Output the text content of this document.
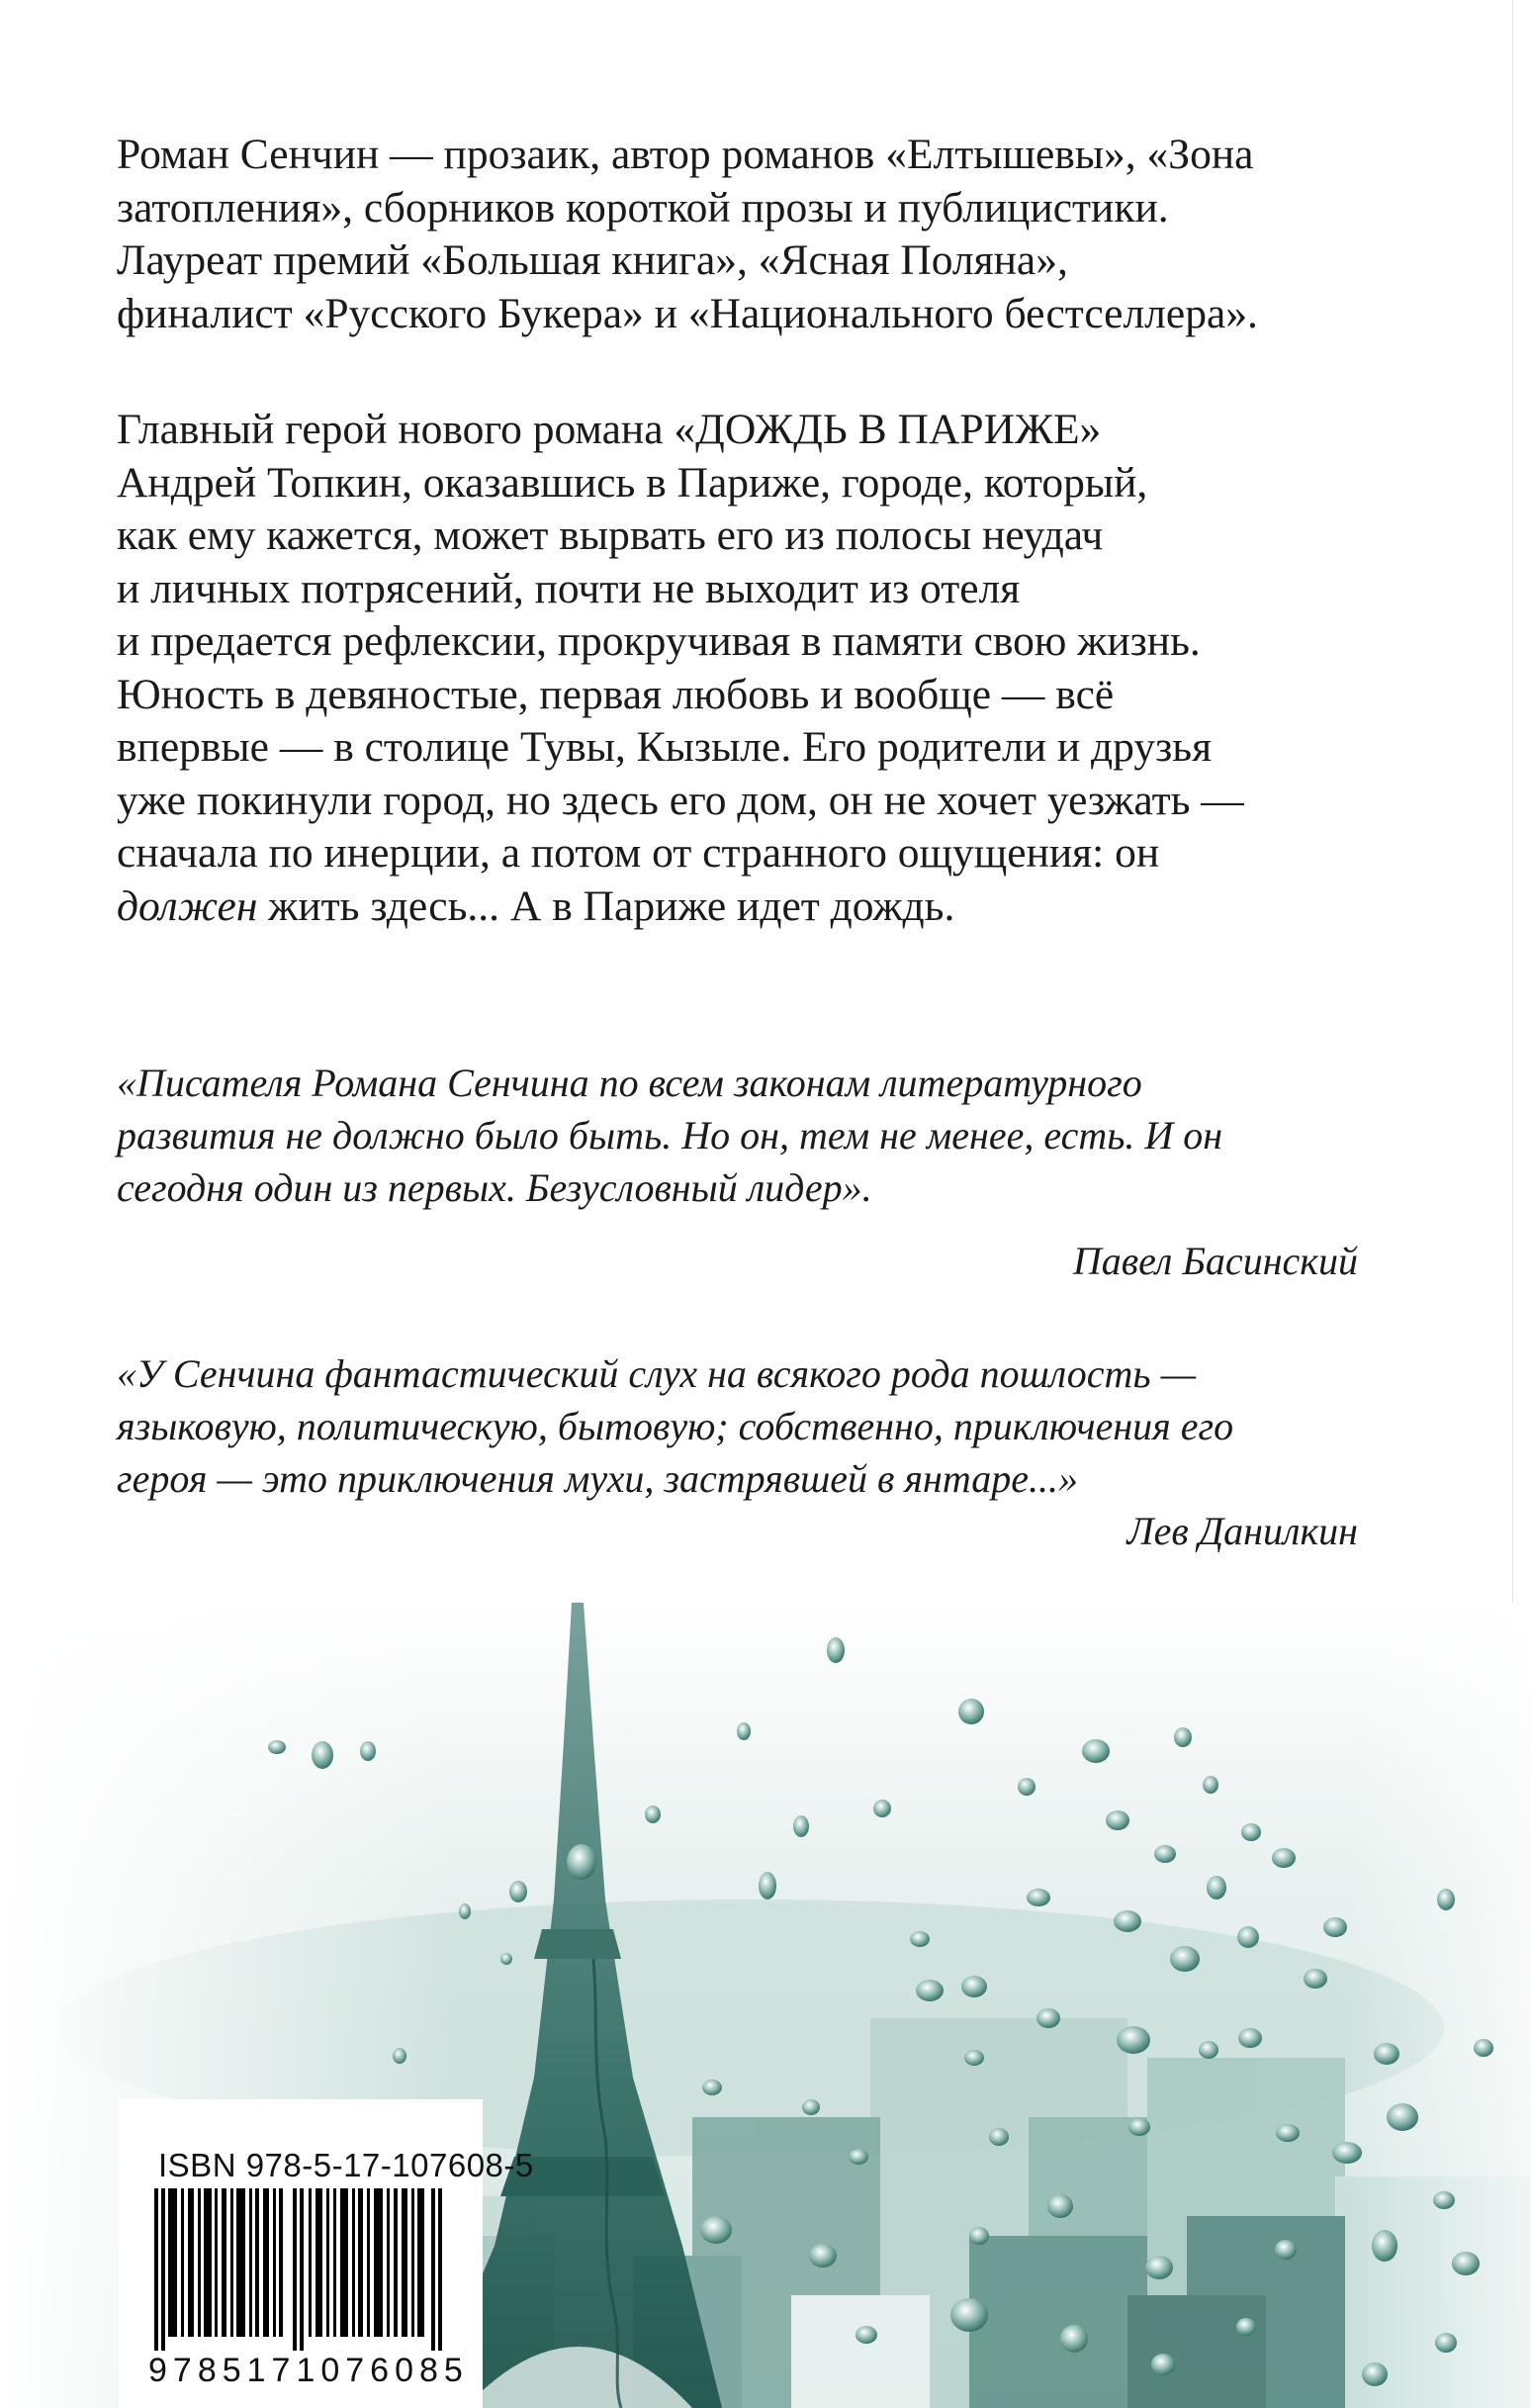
Роман Сенчин — прозаик, автор романов «Елтышевы», «Зона
затопления», сборников короткой прозы и публицистики.
Лауреат премий «Большая книга», «Ясная Поляна»,
финалист «Русского Букера» и «Национального бестселлера».
Главный герой нового романа «ДОЖДЬ В ПАРИЖЕ»
Андрей Топкин, оказавшись в Париже, городе, который,
как ему кажется, может вырвать его из полосы неудач
и личных потрясений, почти не выходит из отеля
и предается рефлексии, прокручивая в памяти свою жизнь.
Юность в девяностые, первая любовь и вообще — всё
впервые — в столице Тувы, Кызыле. Его родители и друзья
уже покинули город, но здесь его дом, он не хочет уезжать —
сначала по инерции, а потом от странного ощущения: он
должен жить здесь... А в Париже идет дождь.
«Писателя Романа Сенчина по всем законам литературного
развития не должно было быть. Но он, тем не менее, есть. И он
сегодня один из первых. Безусловный лидер».
Павел Басинский
«У Сенчина фантастический слух на всякого рода пошлость —
языковую, политическую, бытовую; собственно, приключения его
героя — это приключения мухи, застрявшей в янтаре...»
Лев Данилкин
ISBN 978-5-17-107608-5
9785171076085
